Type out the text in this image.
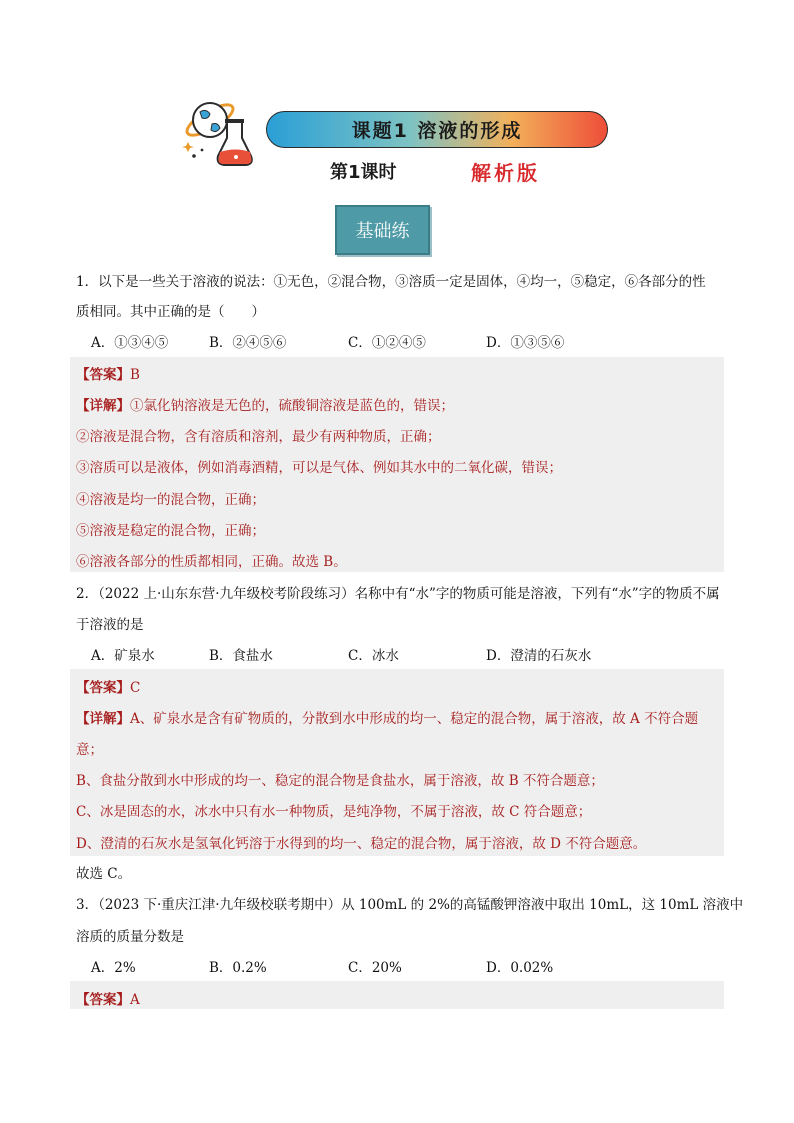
课题1 溶液的形成
第1课时	解析版
基础练
1．以下是一些关于溶液的说法：①无色，②混合物，③溶质一定是固体，④均一，⑤稳定，⑥各部分的性
质相同。其中正确的是（　　）
A．①③④⑤	B．②④⑤⑥	C．①②④⑤	D．①③⑤⑥
【答案】B
【详解】①氯化钠溶液是无色的，硫酸铜溶液是蓝色的，错误；
②溶液是混合物，含有溶质和溶剂，最少有两种物质，正确；
③溶质可以是液体，例如消毒酒精，可以是气体、例如其水中的二氧化碳，错误；
④溶液是均一的混合物，正确；
⑤溶液是稳定的混合物，正确；
⑥溶液各部分的性质都相同，正确。故选 B。
2．（2022 上·山东东营·九年级校考阶段练习）名称中有“水”字的物质可能是溶液，下列有“水”字的物质不属
于溶液的是
A．矿泉水	B．食盐水	C．冰水	D．澄清的石灰水
【答案】C
【详解】A、矿泉水是含有矿物质的，分散到水中形成的均一、稳定的混合物，属于溶液，故 A 不符合题
意；
B、食盐分散到水中形成的均一、稳定的混合物是食盐水，属于溶液，故 B 不符合题意；
C、冰是固态的水，冰水中只有水一种物质，是纯净物，不属于溶液，故 C 符合题意；
D、澄清的石灰水是氢氧化钙溶于水得到的均一、稳定的混合物，属于溶液，故 D 不符合题意。
故选 C。
3．（2023 下·重庆江津·九年级校联考期中）从 100mL 的 2%的高锰酸钾溶液中取出 10mL，这 10mL 溶液中
溶质的质量分数是
A．2%	B．0.2%	C．20%	D．0.02%
【答案】A
